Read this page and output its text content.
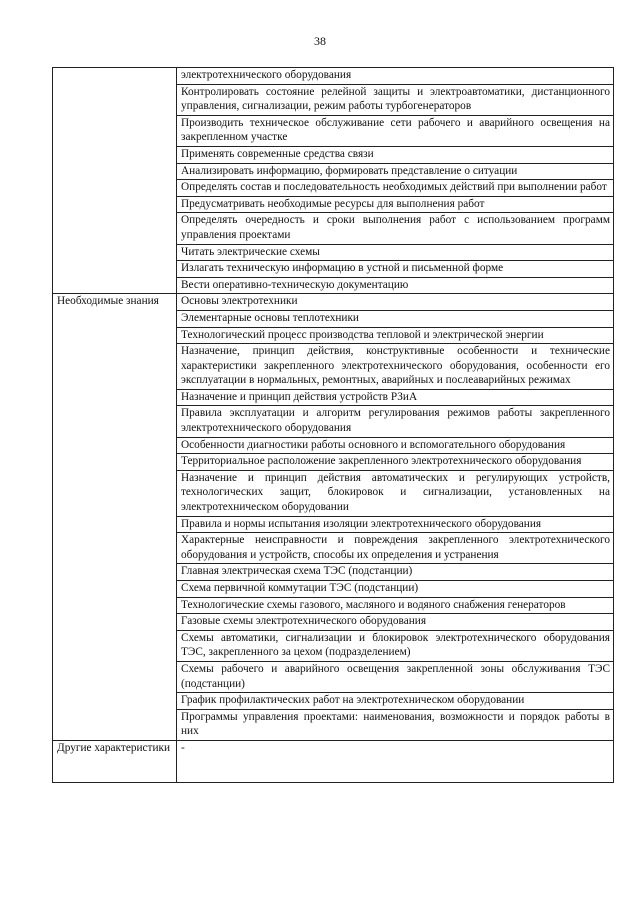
38
	электротехнического оборудования
	Контролировать состояние релейной защиты и электроавтоматики, дистанционного управления, сигнализации, режим работы турбогенераторов
	Производить техническое обслуживание сети рабочего и аварийного освещения на закрепленном участке
	Применять современные средства связи
	Анализировать информацию, формировать представление о ситуации
	Определять состав и последовательность необходимых действий при выполнении работ
	Предусматривать необходимые ресурсы для выполнения работ
	Определять очередность и сроки выполнения работ с использованием программ управления проектами
	Читать электрические схемы
	Излагать техническую информацию в устной и письменной форме
	Вести оперативно-техническую документацию
Необходимые знания	Основы электротехники
	Элементарные основы теплотехники
	Технологический процесс производства тепловой и электрической энергии
	Назначение, принцип действия, конструктивные особенности и технические характеристики закрепленного электротехнического оборудования, особенности его эксплуатации в нормальных, ремонтных, аварийных и послеаварийных режимах
	Назначение и принцип действия устройств РЗиА
	Правила эксплуатации и алгоритм регулирования режимов работы закрепленного электротехнического оборудования
	Особенности диагностики работы основного и вспомогательного оборудования
	Территориальное расположение закрепленного электротехнического оборудования
	Назначение и принцип действия автоматических и регулирующих устройств, технологических защит, блокировок и сигнализации, установленных на электротехническом оборудовании
	Правила и нормы испытания изоляции электротехнического оборудования
	Характерные неисправности и повреждения закрепленного электротехнического оборудования и устройств, способы их определения и устранения
	Главная электрическая схема ТЭС (подстанции)
	Схема первичной коммутации ТЭС (подстанции)
	Технологические схемы газового, масляного и водяного снабжения генераторов
	Газовые схемы электротехнического оборудования
	Схемы автоматики, сигнализации и блокировок электротехнического оборудования ТЭС, закрепленного за цехом (подразделением)
	Схемы рабочего и аварийного освещения закрепленной зоны обслуживания ТЭС (подстанции)
	График профилактических работ на электротехническом оборудовании
	Программы управления проектами: наименования, возможности и порядок работы в них
Другие характеристики	-
